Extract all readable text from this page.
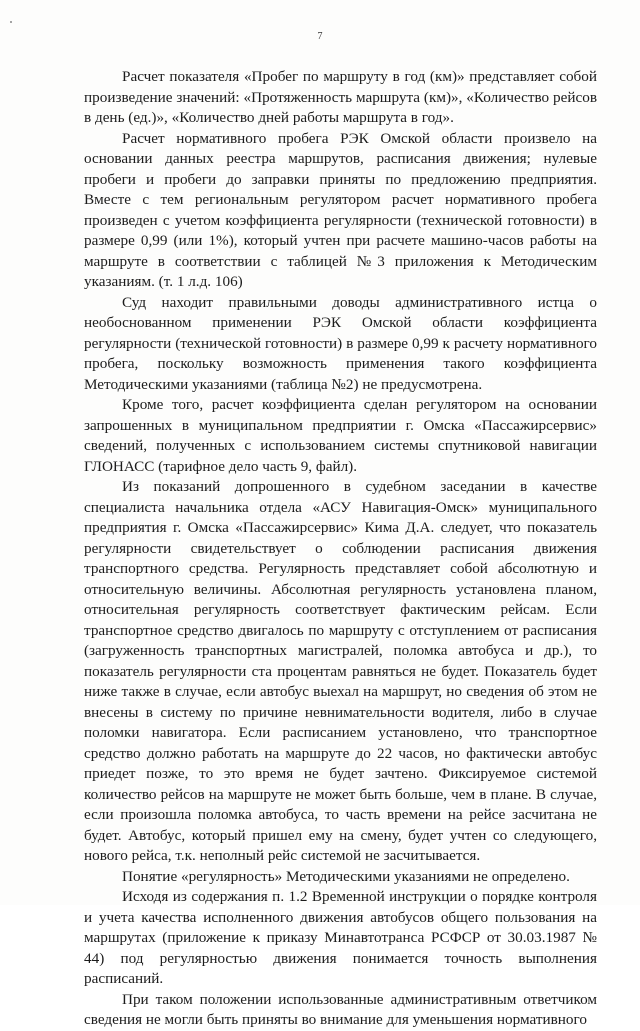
7

Расчет показателя «Пробег по маршруту в год (км)» представляет собой произведение значений: «Протяженность маршрута (км)», «Количество рейсов в день (ед.)», «Количество дней работы маршрута в год».

Расчет нормативного пробега РЭК Омской области произвело на основании данных реестра маршрутов, расписания движения; нулевые пробеги и пробеги до заправки приняты по предложению предприятия. Вместе с тем региональным регулятором расчет нормативного пробега произведен с учетом коэффициента регулярности (технической готовности) в размере 0,99 (или 1%), который учтен при расчете машино-часов работы на маршруте в соответствии с таблицей №3 приложения к Методическим указаниям. (т. 1 л.д. 106)

Суд находит правильными доводы административного истца о необоснованном применении РЭК Омской области коэффициента регулярности (технической готовности) в размере 0,99 к расчету нормативного пробега, поскольку возможность применения такого коэффициента Методическими указаниями (таблица №2) не предусмотрена.

Кроме того, расчет коэффициента сделан регулятором на основании запрошенных в муниципальном предприятии г. Омска «Пассажирсервис» сведений, полученных с использованием системы спутниковой навигации ГЛОНАСС (тарифное дело часть 9, файл).

Из показаний допрошенного в судебном заседании в качестве специалиста начальника отдела «АСУ Навигация-Омск» муниципального предприятия г. Омска «Пассажирсервис» Кима Д.А. следует, что показатель регулярности свидетельствует о соблюдении расписания движения транспортного средства. Регулярность представляет собой абсолютную и относительную величины. Абсолютная регулярность установлена планом, относительная регулярность соответствует фактическим рейсам. Если транспортное средство двигалось по маршруту с отступлением от расписания (загруженность транспортных магистралей, поломка автобуса и др.), то показатель регулярности ста процентам равняться не будет. Показатель будет ниже также в случае, если автобус выехал на маршрут, но сведения об этом не внесены в систему по причине невнимательности водителя, либо в случае поломки навигатора. Если расписанием установлено, что транспортное средство должно работать на маршруте до 22 часов, но фактически автобус приедет позже, то это время не будет зачтено. Фиксируемое системой количество рейсов на маршруте не может быть больше, чем в плане. В случае, если произошла поломка автобуса, то часть времени на рейсе засчитана не будет. Автобус, который пришел ему на смену, будет учтен со следующего, нового рейса, т.к. неполный рейс системой не засчитывается.

Понятие «регулярность» Методическими указаниями не определено.

Исходя из содержания п. 1.2 Временной инструкции о порядке контроля и учета качества исполненного движения автобусов общего пользования на маршрутах (приложение к приказу Минавтотранса РСФСР от 30.03.1987 № 44) под регулярностью движения понимается точность выполнения расписаний.

При таком положении использованные административным ответчиком сведения не могли быть приняты во внимание для уменьшения нормативного
